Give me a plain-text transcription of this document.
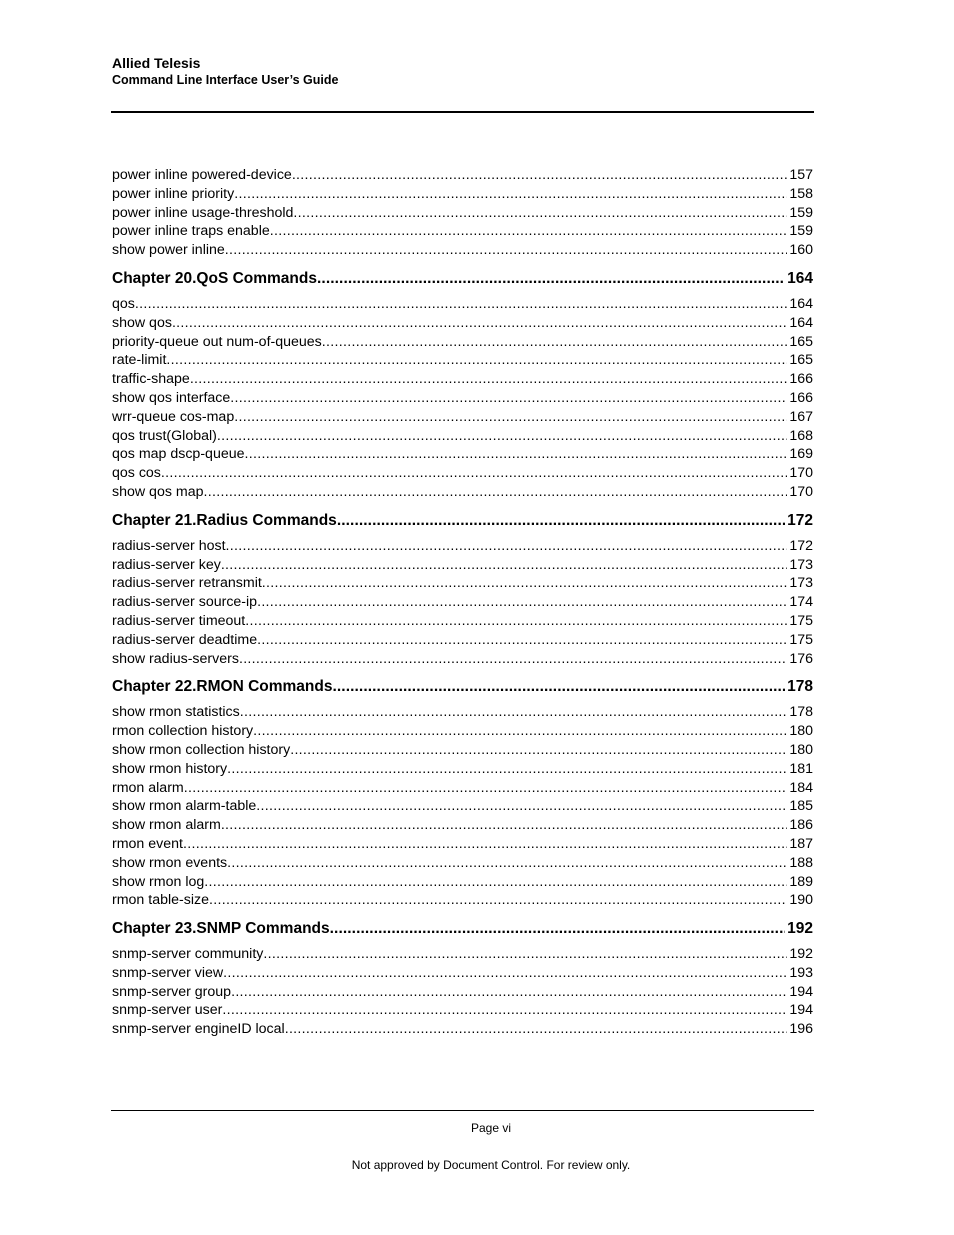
Allied Telesis
Command Line Interface User’s Guide
power inline powered-device .....	157
power inline priority .....	158
power inline usage-threshold .....	159
power inline traps enable .....	159
show power inline .....	160
Chapter 20.QoS Commands .....	164
qos .....	164
show qos .....	164
priority-queue out num-of-queues .....	165
rate-limit .....	165
traffic-shape .....	166
show qos interface .....	166
wrr-queue cos-map .....	167
qos trust(Global) .....	168
qos map dscp-queue .....	169
qos cos .....	170
show qos map .....	170
Chapter 21.Radius Commands .....	172
radius-server host .....	172
radius-server key .....	173
radius-server retransmit .....	173
radius-server source-ip .....	174
radius-server timeout .....	175
radius-server deadtime .....	175
show radius-servers .....	176
Chapter 22.RMON Commands .....	178
show rmon statistics .....	178
rmon collection history .....	180
show rmon collection history .....	180
show rmon history .....	181
rmon alarm .....	184
show rmon alarm-table .....	185
show rmon alarm .....	186
rmon event .....	187
show rmon events .....	188
show rmon log .....	189
rmon table-size .....	190
Chapter 23.SNMP Commands .....	192
snmp-server community .....	192
snmp-server view .....	193
snmp-server group .....	194
snmp-server user .....	194
snmp-server engineID local .....	196
Page vi
Not approved by Document Control. For review only.
